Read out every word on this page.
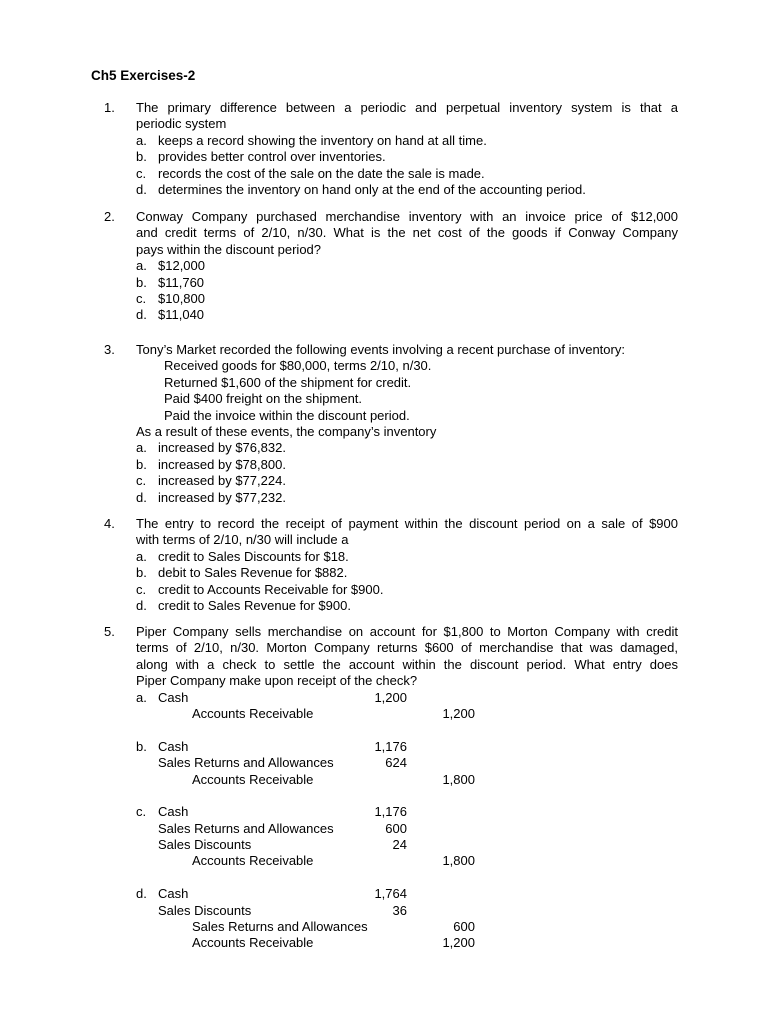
Ch5 Exercises-2
1. The primary difference between a periodic and perpetual inventory system is that a
periodic system
a. keeps a record showing the inventory on hand at all time.
b. provides better control over inventories.
c. records the cost of the sale on the date the sale is made.
d. determines the inventory on hand only at the end of the accounting period.
2. Conway Company purchased merchandise inventory with an invoice price of $12,000
and credit terms of 2/10, n/30. What is the net cost of the goods if Conway Company
pays within the discount period?
a. $12,000
b. $11,760
c. $10,800
d. $11,040
3. Tony’s Market recorded the following events involving a recent purchase of inventory:
Received goods for $80,000, terms 2/10, n/30.
Returned $1,600 of the shipment for credit.
Paid $400 freight on the shipment.
Paid the invoice within the discount period.
As a result of these events, the company’s inventory
a. increased by $76,832.
b. increased by $78,800.
c. increased by $77,224.
d. increased by $77,232.
4. The entry to record the receipt of payment within the discount period on a sale of $900
with terms of 2/10, n/30 will include a
a. credit to Sales Discounts for $18.
b. debit to Sales Revenue for $882.
c. credit to Accounts Receivable for $900.
d. credit to Sales Revenue for $900.
5. Piper Company sells merchandise on account for $1,800 to Morton Company with credit
terms of 2/10, n/30. Morton Company returns $600 of merchandise that was damaged,
along with a check to settle the account within the discount period. What entry does
Piper Company make upon receipt of the check?
a. Cash	1,200
Accounts Receivable	1,200
b. Cash	1,176
Sales Returns and Allowances	624
Accounts Receivable	1,800
c. Cash	1,176
Sales Returns and Allowances	600
Sales Discounts	24
Accounts Receivable	1,800
d. Cash	1,764
Sales Discounts	36
Sales Returns and Allowances	600
Accounts Receivable	1,200
